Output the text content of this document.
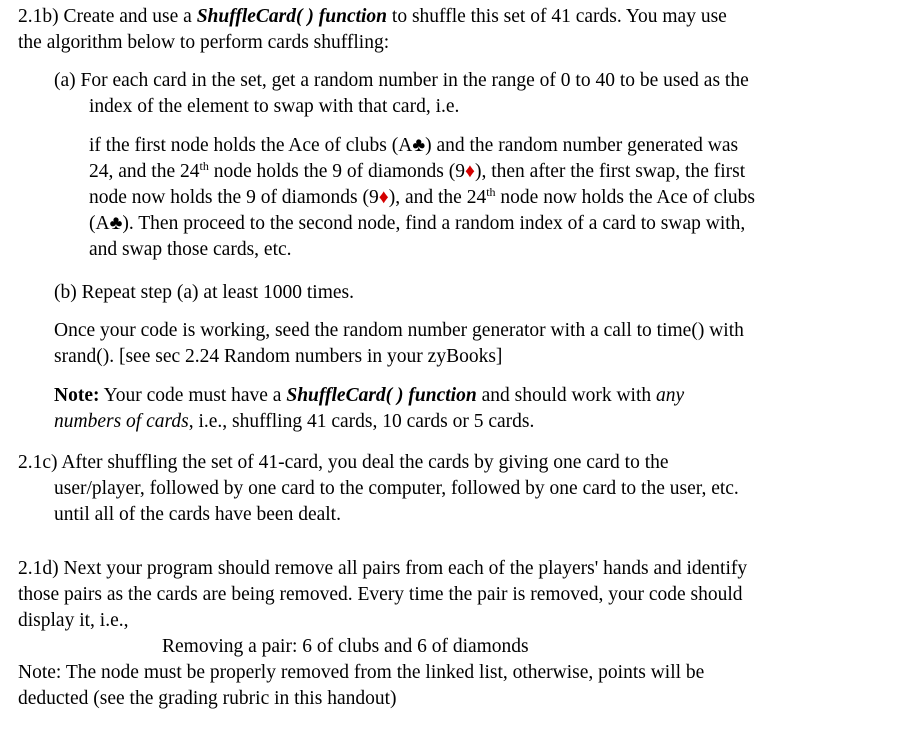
2.1b) Create and use a ShuffleCard( ) function to shuffle this set of 41 cards. You may use
the algorithm below to perform cards shuffling:
(a) For each card in the set, get a random number in the range of 0 to 40 to be used as the
index of the element to swap with that card, i.e.
if the first node holds the Ace of clubs (A♣) and the random number generated was
24, and the 24th node holds the 9 of diamonds (9♦), then after the first swap, the first
node now holds the 9 of diamonds (9♦), and the 24th node now holds the Ace of clubs
(A♣). Then proceed to the second node, find a random index of a card to swap with,
and swap those cards, etc.
(b) Repeat step (a) at least 1000 times.
Once your code is working, seed the random number generator with a call to time() with
srand(). [see sec 2.24 Random numbers in your zyBooks]
Note: Your code must have a ShuffleCard( ) function and should work with any
numbers of cards, i.e., shuffling 41 cards, 10 cards or 5 cards.
2.1c) After shuffling the set of 41-card, you deal the cards by giving one card to the
user/player, followed by one card to the computer, followed by one card to the user, etc.
until all of the cards have been dealt.
2.1d) Next your program should remove all pairs from each of the players' hands and identify
those pairs as the cards are being removed. Every time the pair is removed, your code should
display it, i.e.,
Removing a pair: 6 of clubs and 6 of diamonds
Note: The node must be properly removed from the linked list, otherwise, points will be
deducted (see the grading rubric in this handout)
